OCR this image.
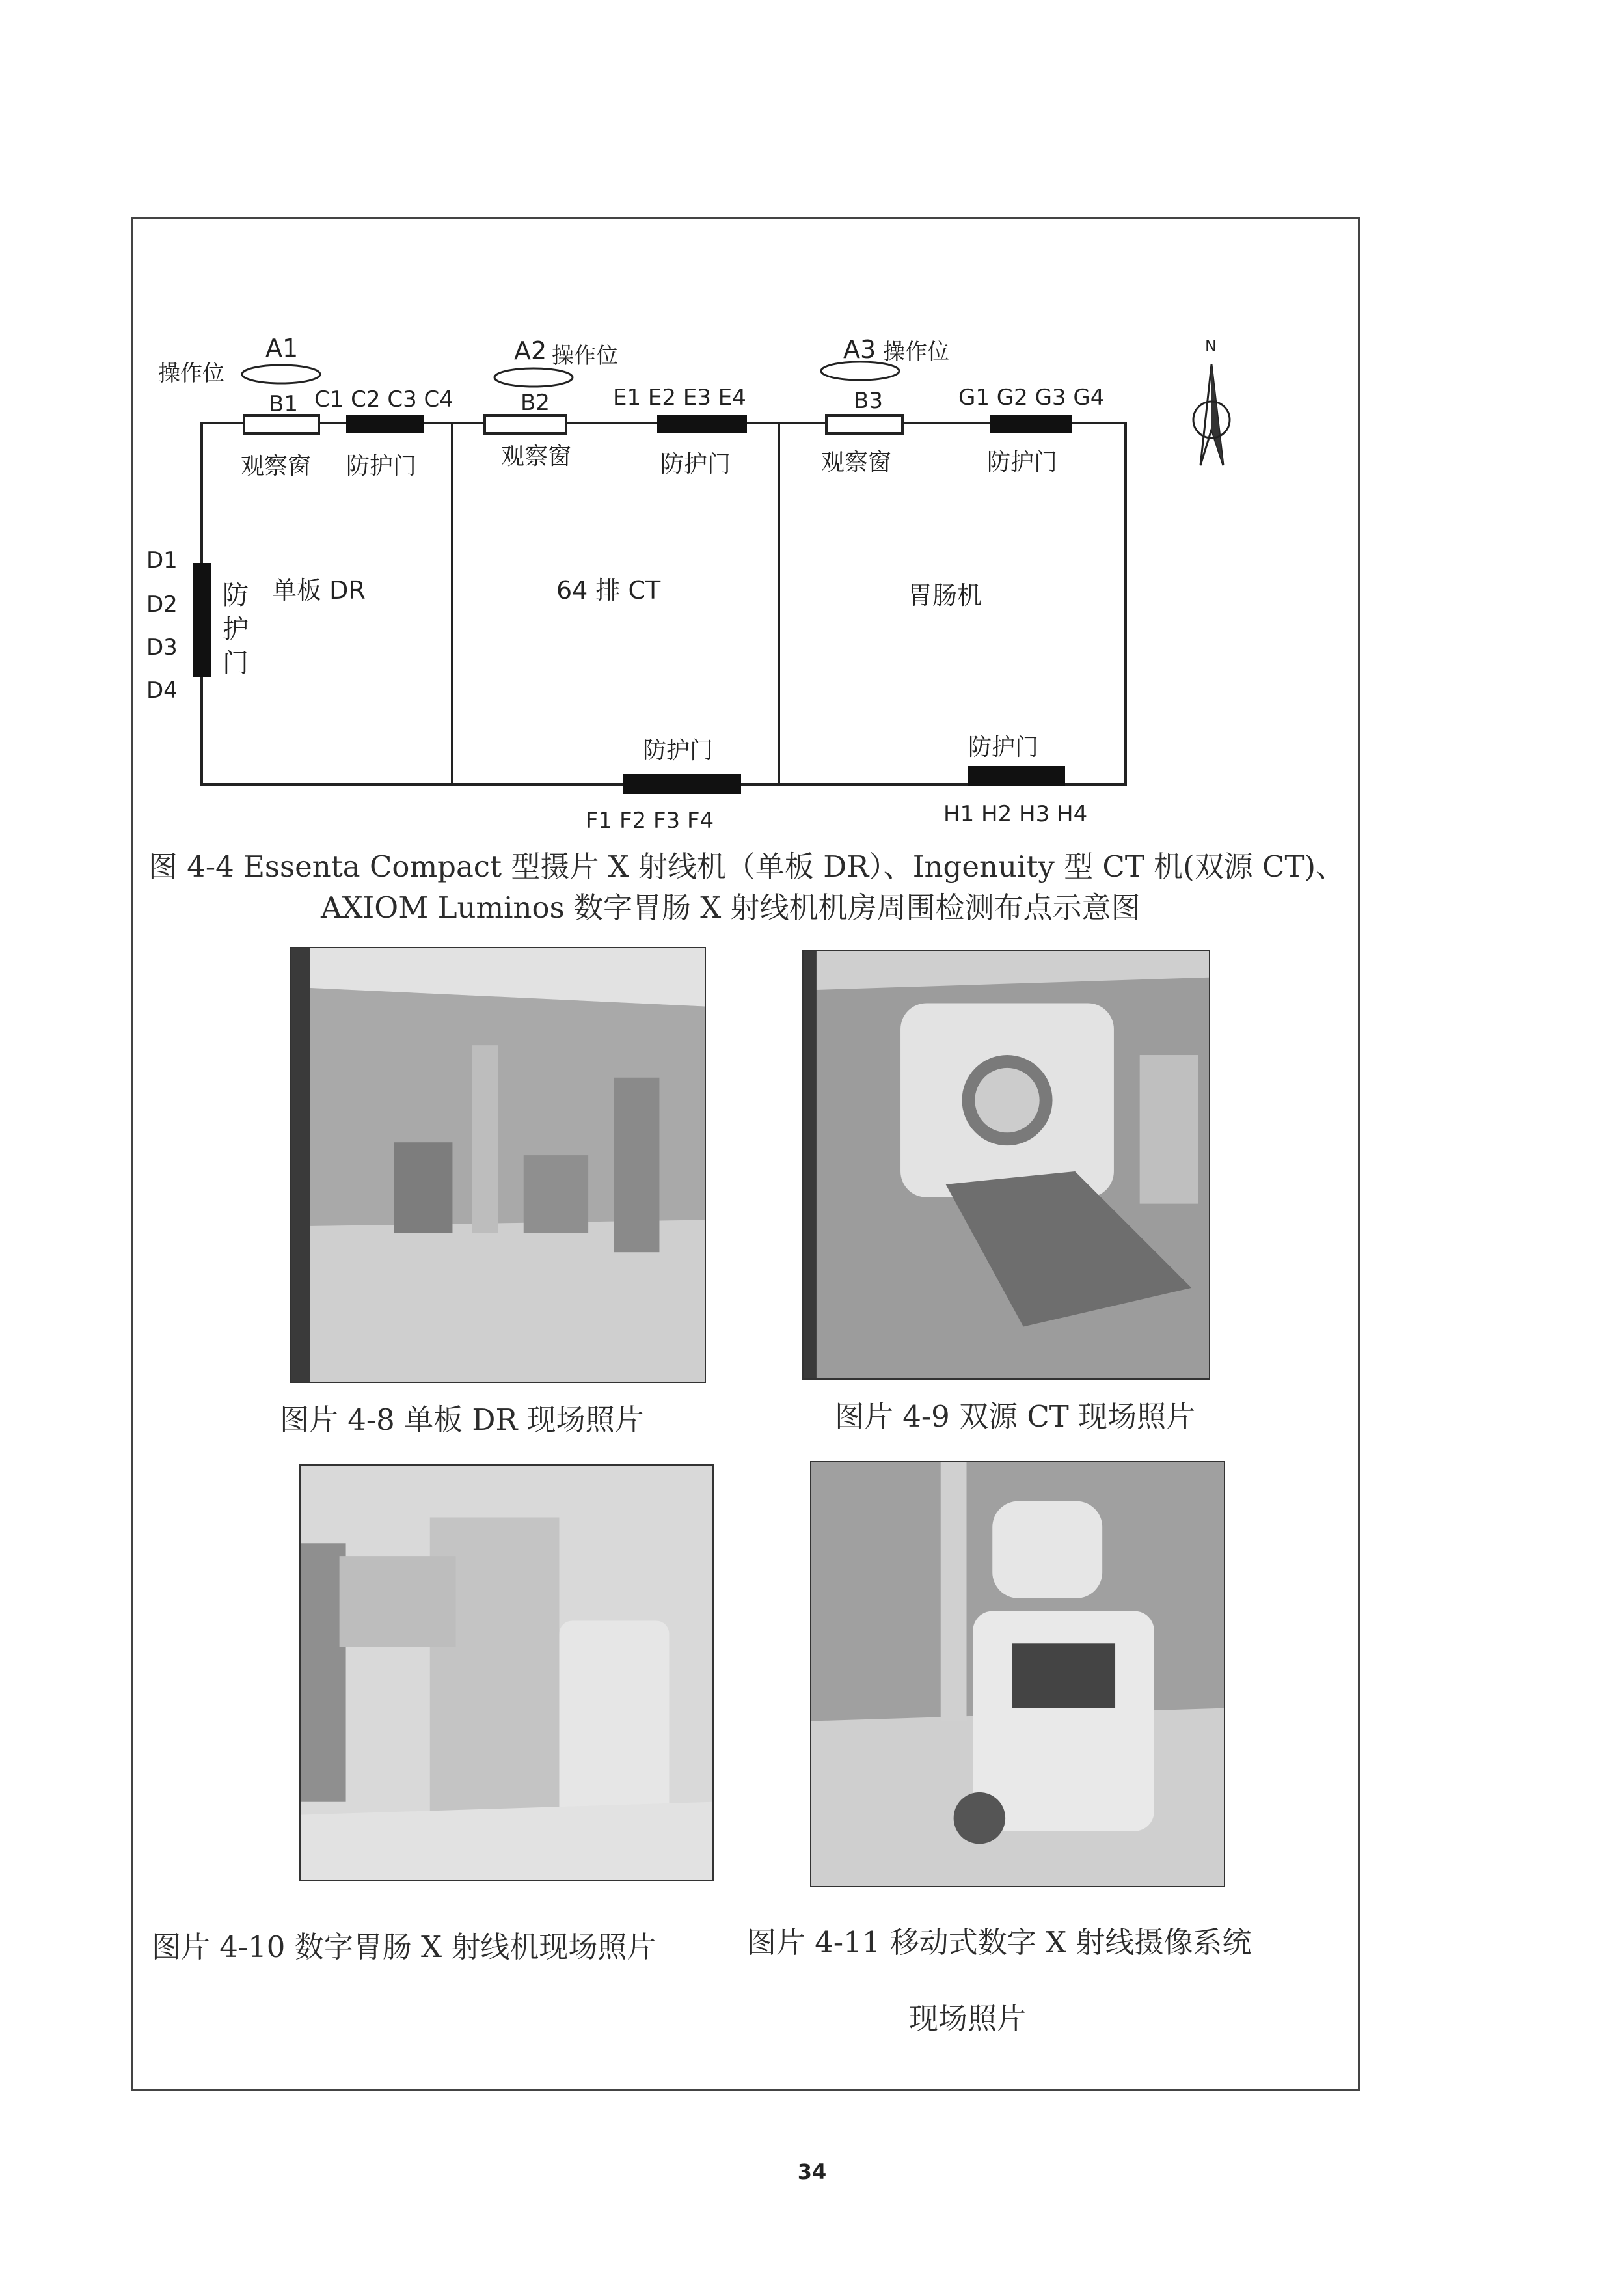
操作位
A1	A2 操作位	A3 操作位
B1 C1 C2 C3 C4	B2	E1 E2 E3 E4	B3	G1 G2 G3 G4
观察窗 防护门	观察窗	防护门	观察窗	防护门
D1
D2
D3
D4
防
护
门
单板 DR	64 排 CT	胃肠机
防护门	防护门
F1 F2 F3 F4	H1 H2 H3 H4
N
图 4-4 Essenta Compact 型摄片 X 射线机（单板 DR）、Ingenuity 型 CT 机(双源 CT)、
AXIOM Luminos 数字胃肠 X 射线机机房周围检测布点示意图
图片 4-8 单板 DR 现场照片	图片 4-9 双源 CT 现场照片
图片 4-10 数字胃肠 X 射线机现场照片	图片 4-11 移动式数字 X 射线摄像系统
现场照片
34
